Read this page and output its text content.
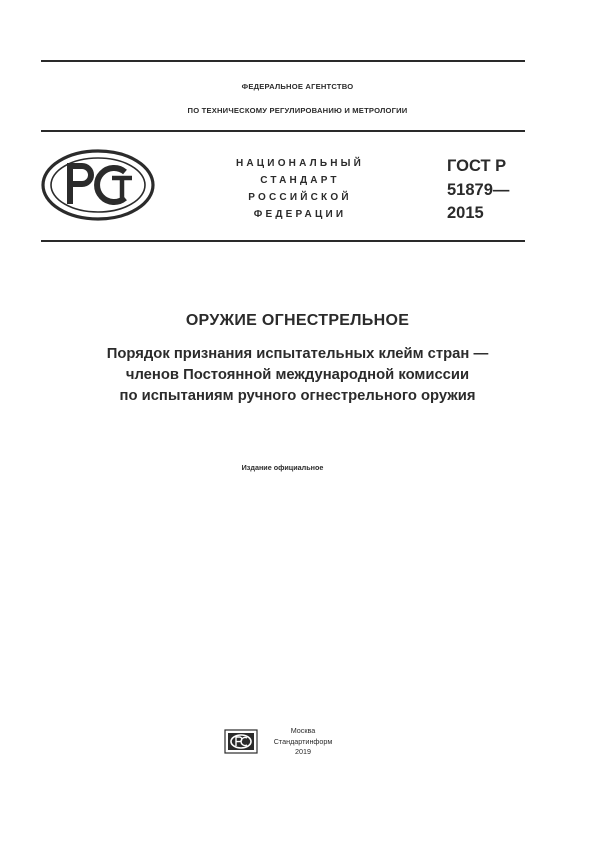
ФЕДЕРАЛЬНОЕ АГЕНТСТВО
ПО ТЕХНИЧЕСКОМУ РЕГУЛИРОВАНИЮ И МЕТРОЛОГИИ
НАЦИОНАЛЬНЫЙ
СТАНДАРТ
РОССИЙСКОЙ
ФЕДЕРАЦИИ
ГОСТ Р
51879—
2015
ОРУЖИЕ ОГНЕСТРЕЛЬНОЕ
Порядок признания испытательных клейм стран —
членов Постоянной международной комиссии
по испытаниям ручного огнестрельного оружия
Издание официальное
Москва
Стандартинформ
2019
